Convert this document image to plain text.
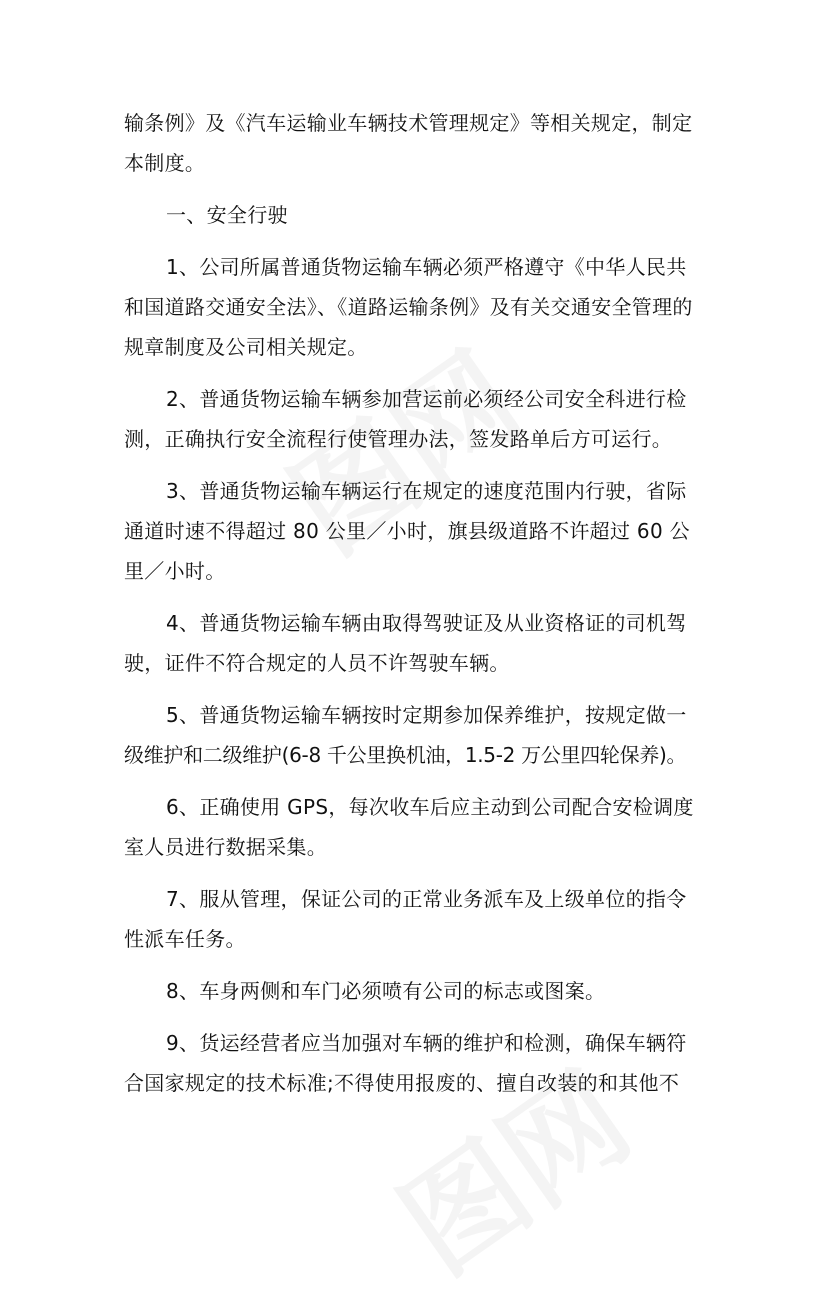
输条例》及《汽车运输业车辆技术管理规定》等相关规定，制定
本制度。

一、安全行驶

1、公司所属普通货物运输车辆必须严格遵守《中华人民共
和国道路交通安全法》、《道路运输条例》及有关交通安全管理的
规章制度及公司相关规定。

2、普通货物运输车辆参加营运前必须经公司安全科进行检
测，正确执行安全流程行使管理办法，签发路单后方可运行。

3、普通货物运输车辆运行在规定的速度范围内行驶，省际
通道时速不得超过 80 公里／小时，旗县级道路不许超过 60 公
里／小时。

4、普通货物运输车辆由取得驾驶证及从业资格证的司机驾
驶，证件不符合规定的人员不许驾驶车辆。

5、普通货物运输车辆按时定期参加保养维护，按规定做一
级维护和二级维护(6-8 千公里换机油，1.5-2 万公里四轮保养)。

6、正确使用 GPS，每次收车后应主动到公司配合安检调度
室人员进行数据采集。

7、服从管理，保证公司的正常业务派车及上级单位的指令
性派车任务。

8、车身两侧和车门必须喷有公司的标志或图案。

9、货运经营者应当加强对车辆的维护和检测，确保车辆符
合国家规定的技术标准;不得使用报废的、擅自改装的和其他不
